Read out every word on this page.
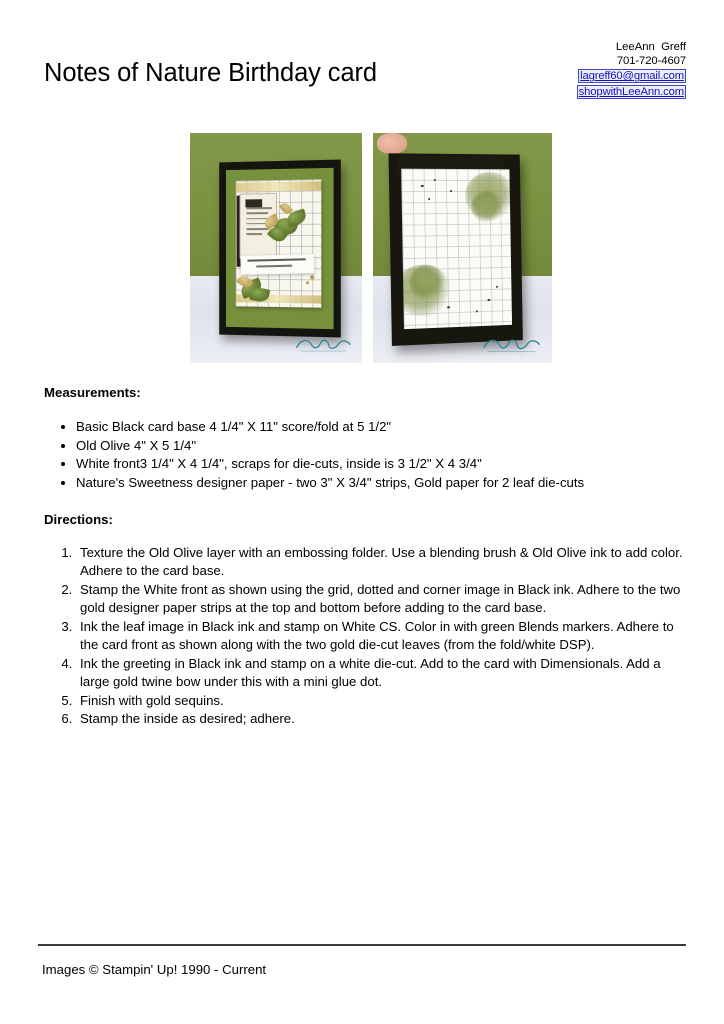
Notes of Nature Birthday card
LeeAnn  Greff
701-720-4607
lagreff60@gmail.com
shopwithLeeAnn.com
Measurements:
• Basic Black card base 4 1/4" X 11" score/fold at 5 1/2"
• Old Olive 4" X 5 1/4"
• White front3 1/4" X 4 1/4", scraps for die-cuts, inside is 3 1/2" X 4 3/4"
• Nature's Sweetness designer paper - two 3" X 3/4" strips, Gold paper for 2 leaf die-cuts
Directions:
1. Texture the Old Olive layer with an embossing folder. Use a blending brush & Old Olive ink to add color. Adhere to the card base.
2. Stamp the White front as shown using the grid, dotted and corner image in Black ink. Adhere to the two gold designer paper strips at the top and bottom before adding to the card base.
3. Ink the leaf image in Black ink and stamp on White CS. Color in with green Blends markers. Adhere to the card front as shown along with the two gold die-cut leaves (from the fold/white DSP).
4. Ink the greeting in Black ink and stamp on a white die-cut. Add to the card with Dimensionals. Add a large gold twine bow under this with a mini glue dot.
5. Finish with gold sequins.
6. Stamp the inside as desired; adhere.
Images © Stampin' Up! 1990 - Current
